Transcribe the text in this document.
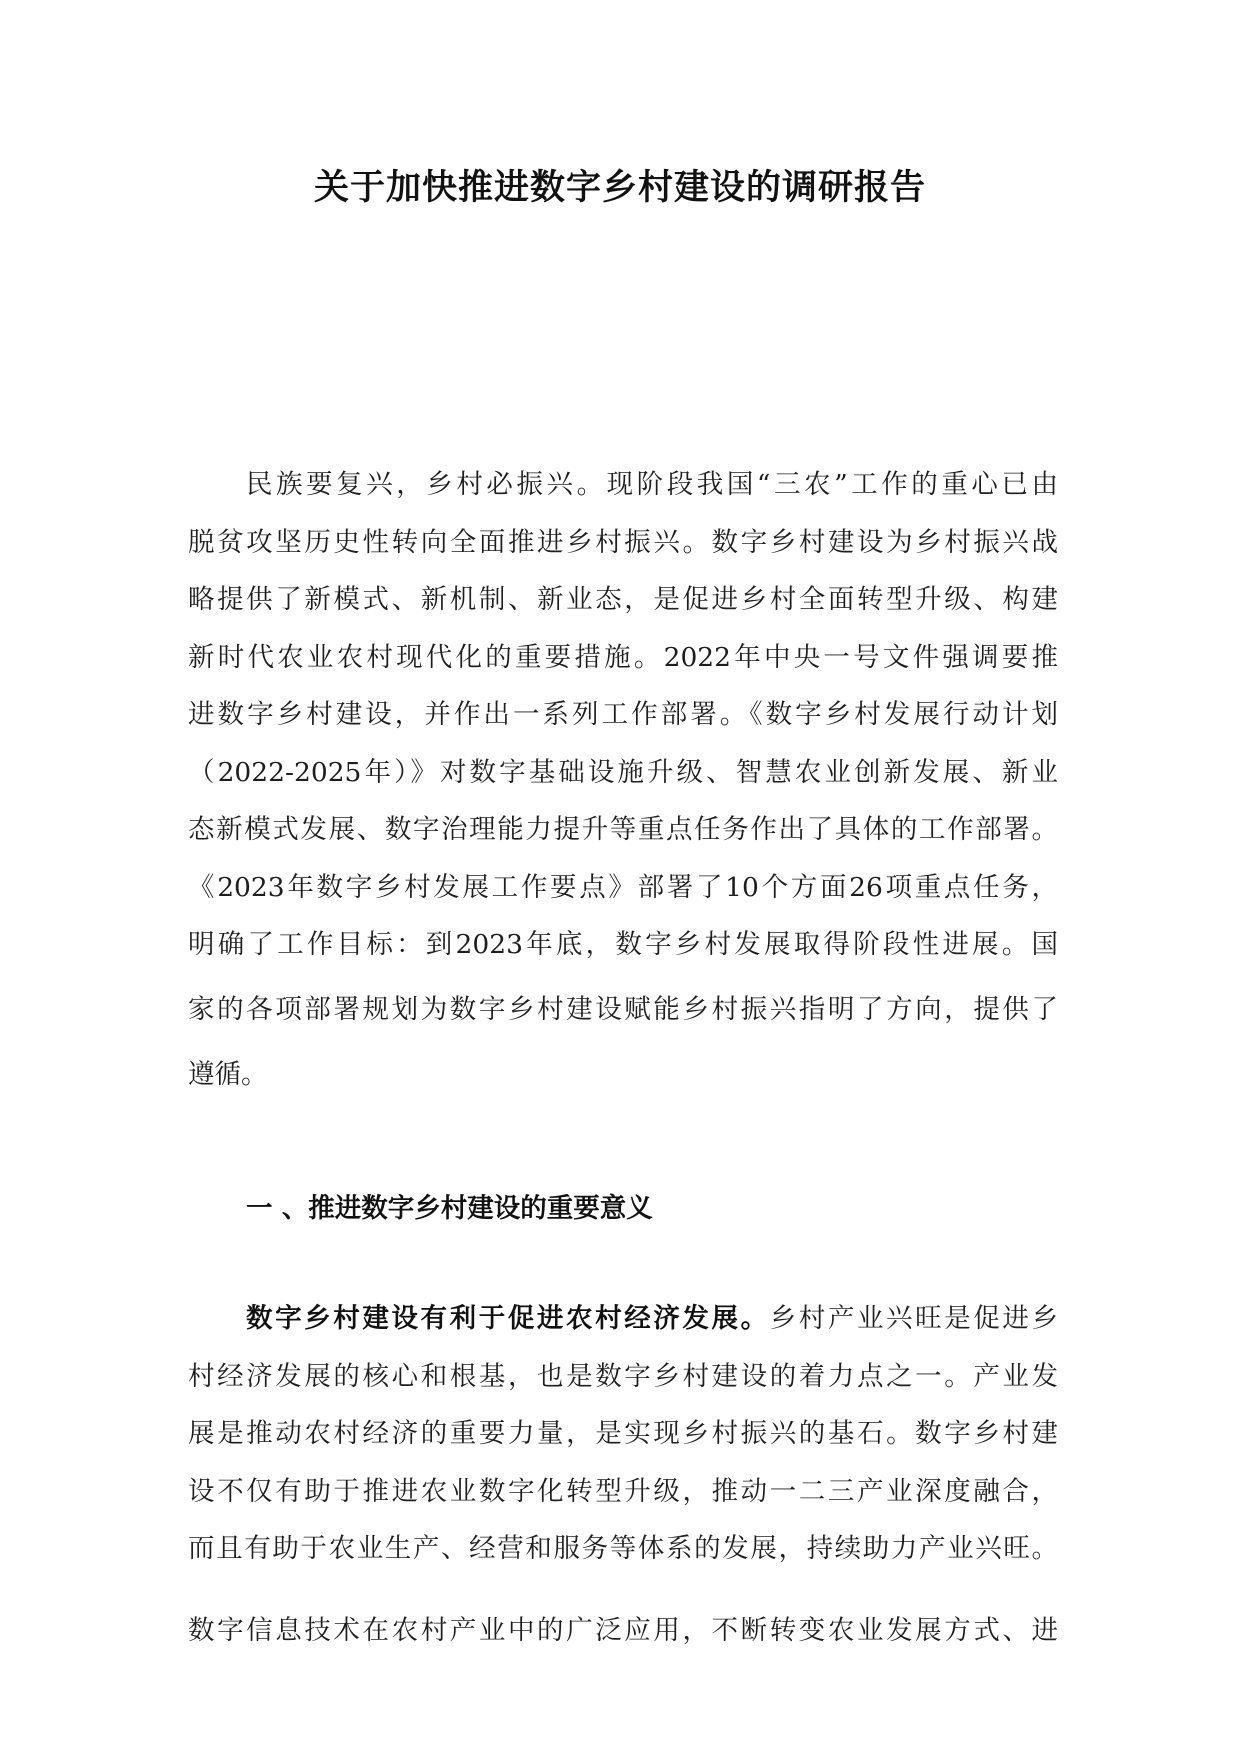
关于加快推进数字乡村建设的调研报告
民族要复兴，乡村必振兴。现阶段我国“三农”工作的重心已由
脱贫攻坚历史性转向全面推进乡村振兴。数字乡村建设为乡村振兴战
略提供了新模式、新机制、新业态，是促进乡村全面转型升级、构建
新时代农业农村现代化的重要措施。2022年中央一号文件强调要推
进数字乡村建设，并作出一系列工作部署。《数字乡村发展行动计划
（2022-2025年）》对数字基础设施升级、智慧农业创新发展、新业
态新模式发展、数字治理能力提升等重点任务作出了具体的工作部署。
《2023年数字乡村发展工作要点》部署了10个方面26项重点任务，
明确了工作目标：到2023年底，数字乡村发展取得阶段性进展。国
家的各项部署规划为数字乡村建设赋能乡村振兴指明了方向，提供了
遵循。
一 、推进数字乡村建设的重要意义
数字乡村建设有利于促进农村经济发展。乡村产业兴旺是促进乡
村经济发展的核心和根基，也是数字乡村建设的着力点之一。产业发
展是推动农村经济的重要力量，是实现乡村振兴的基石。数字乡村建
设不仅有助于推进农业数字化转型升级，推动一二三产业深度融合，
而且有助于农业生产、经营和服务等体系的发展，持续助力产业兴旺。
数字信息技术在农村产业中的广泛应用，不断转变农业发展方式、进
